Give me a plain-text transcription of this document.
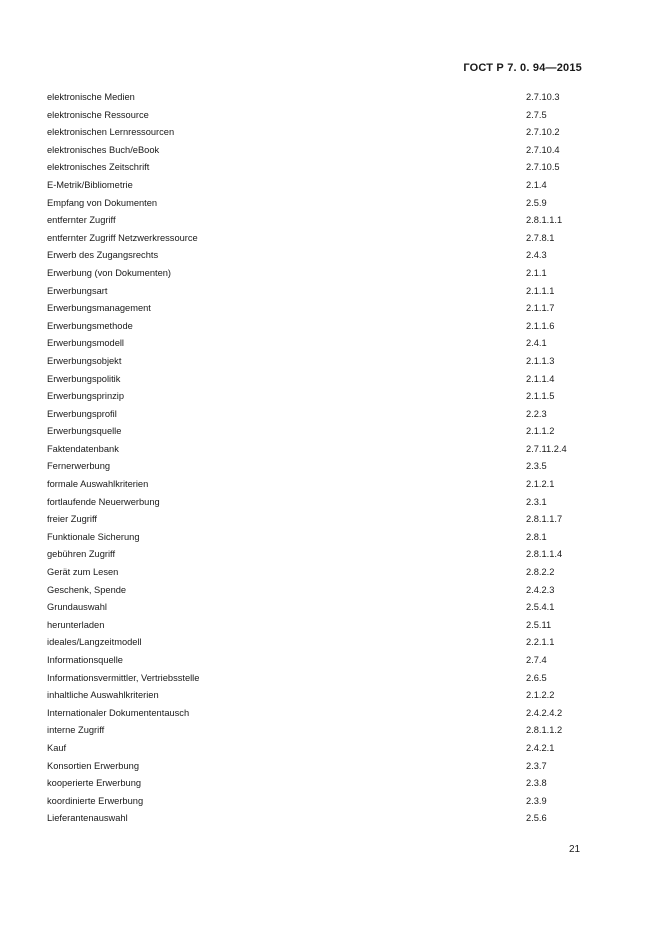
ГОСТ Р 7. 0. 94—2015
elektronische Medien	2.7.10.3
elektronische Ressource	2.7.5
elektronischen Lernressourcen	2.7.10.2
elektronisches Buch/eBook	2.7.10.4
elektronisches Zeitschrift	2.7.10.5
E-Metrik/Bibliometrie	2.1.4
Empfang von Dokumenten	2.5.9
entfernter Zugriff	2.8.1.1.1
entfernter Zugriff Netzwerkressource	2.7.8.1
Erwerb des Zugangsrechts	2.4.3
Erwerbung (von Dokumenten)	2.1.1
Erwerbungsart	2.1.1.1
Erwerbungsmanagement	2.1.1.7
Erwerbungsmethode	2.1.1.6
Erwerbungsmodell	2.4.1
Erwerbungsobjekt	2.1.1.3
Erwerbungspolitik	2.1.1.4
Erwerbungsprinzip	2.1.1.5
Erwerbungsprofil	2.2.3
Erwerbungsquelle	2.1.1.2
Faktendatenbank	2.7.11.2.4
Fernerwerbung	2.3.5
formale Auswahlkriterien	2.1.2.1
fortlaufende Neuerwerbung	2.3.1
freier Zugriff	2.8.1.1.7
Funktionale Sicherung	2.8.1
gebühren Zugriff	2.8.1.1.4
Gerät zum Lesen	2.8.2.2
Geschenk, Spende	2.4.2.3
Grundauswahl	2.5.4.1
herunterladen	2.5.11
ideales/Langzeitmodell	2.2.1.1
Informationsquelle	2.7.4
Informationsvermittler, Vertriebsstelle	2.6.5
inhaltliche Auswahlkriterien	2.1.2.2
Internationaler Dokumententausch	2.4.2.4.2
interne Zugriff	2.8.1.1.2
Kauf	2.4.2.1
Konsortien Erwerbung	2.3.7
kooperierte Erwerbung	2.3.8
koordinierte Erwerbung	2.3.9
Lieferantenauswahl	2.5.6
21
